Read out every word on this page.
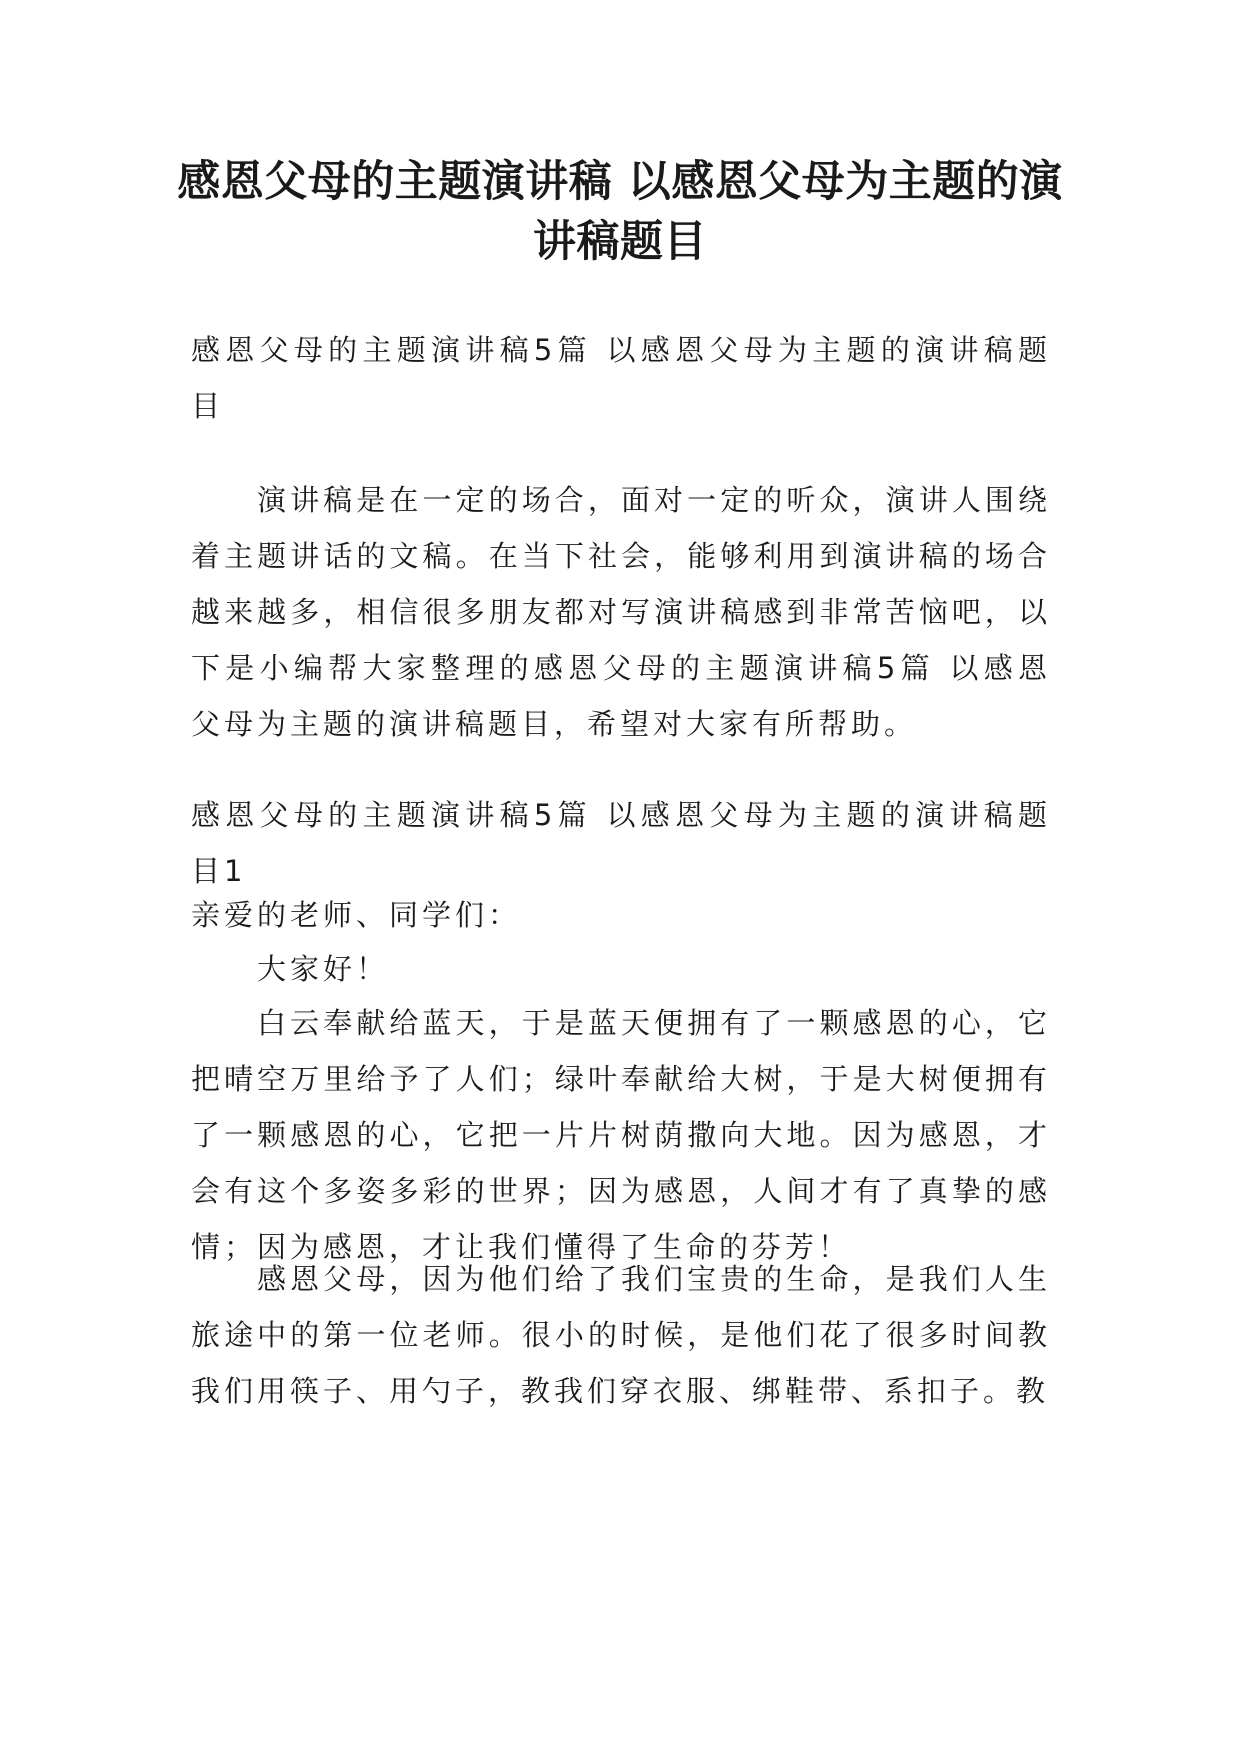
感恩父母的主题演讲稿 以感恩父母为主题的演讲稿题目

感恩父母的主题演讲稿5篇 以感恩父母为主题的演讲稿题目

演讲稿是在一定的场合，面对一定的听众，演讲人围绕着主题讲话的文稿。在当下社会，能够利用到演讲稿的场合越来越多，相信很多朋友都对写演讲稿感到非常苦恼吧，以下是小编帮大家整理的感恩父母的主题演讲稿5篇 以感恩父母为主题的演讲稿题目，希望对大家有所帮助。

感恩父母的主题演讲稿5篇 以感恩父母为主题的演讲稿题目1

亲爱的老师、同学们：

大家好！

白云奉献给蓝天，于是蓝天便拥有了一颗感恩的心，它把晴空万里给予了人们；绿叶奉献给大树，于是大树便拥有了一颗感恩的心，它把一片片树荫撒向大地。因为感恩，才会有这个多姿多彩的世界；因为感恩，人间才有了真挚的感情；因为感恩，才让我们懂得了生命的芬芳！

感恩父母，因为他们给了我们宝贵的生命，是我们人生旅途中的第一位老师。很小的时候，是他们花了很多时间教我们用筷子、用勺子，教我们穿衣服、绑鞋带、系扣子。教
